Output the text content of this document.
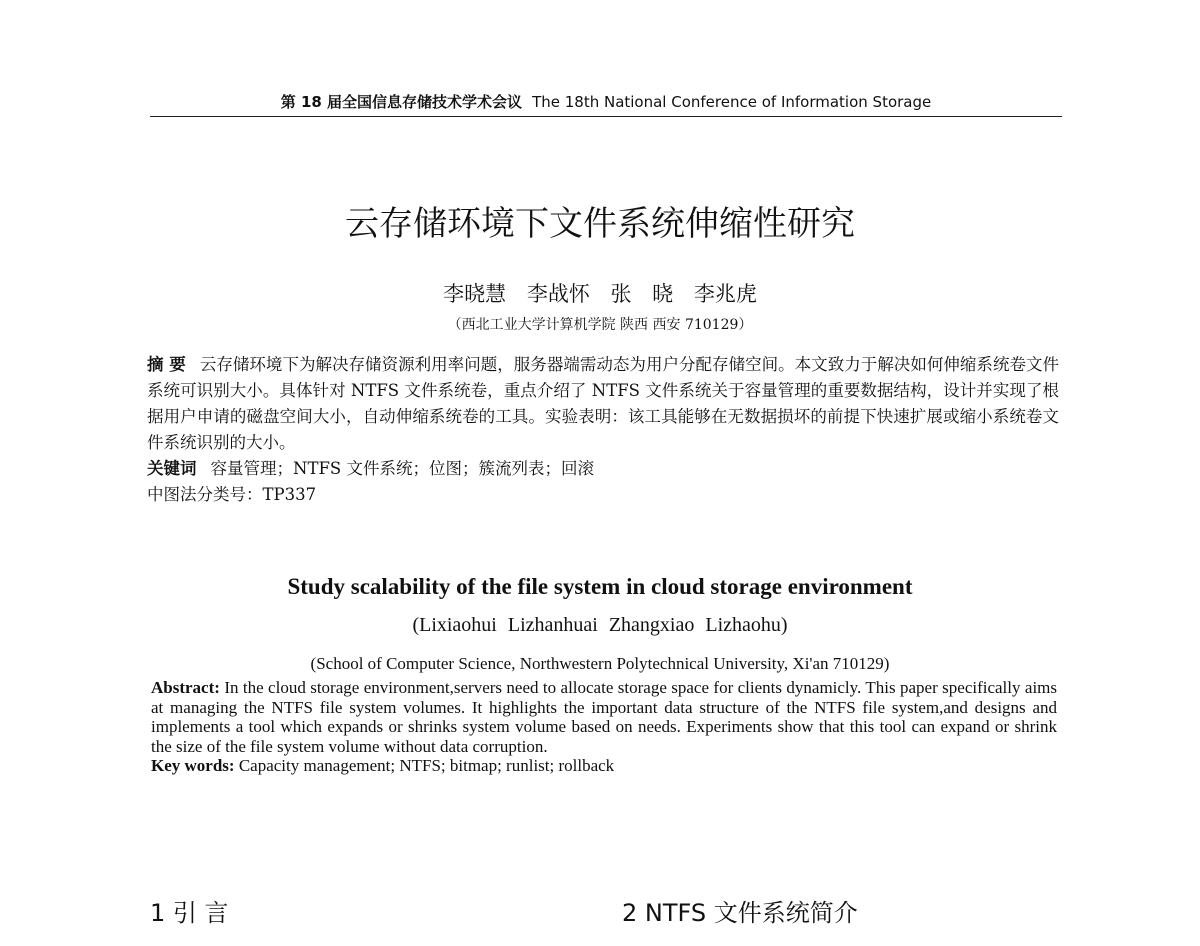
第 18 届全国信息存储技术学术会议 The 18th National Conference of Information Storage
云存储环境下文件系统伸缩性研究
李晓慧 李战怀 张 晓 李兆虎
（西北工业大学计算机学院 陕西 西安 710129）

摘 要 云存储环境下为解决存储资源利用率问题，服务器端需动态为用户分配存储空间。本文致力于解决如何伸缩系统卷文件系统可识别大小。具体针对 NTFS 文件系统卷，重点介绍了 NTFS 文件系统关于容量管理的重要数据结构，设计并实现了根据用户申请的磁盘空间大小，自动伸缩系统卷的工具。实验表明：该工具能够在无数据损坏的前提下快速扩展或缩小系统卷文件系统识别的大小。

关键词 容量管理；NTFS 文件系统；位图；簇流列表；回滚

中图法分类号：TP337

Study scalability of the file system in cloud storage environment
(Lixiaohui Lizhanhuai Zhangxiao Lizhaohu)
(School of Computer Science, Northwestern Polytechnical University, Xi'an 710129)

Abstract: In the cloud storage environment,servers need to allocate storage space for clients dynamicly. This paper specifically aims at managing the NTFS file system volumes. It highlights the important data structure of the NTFS file system,and designs and implements a tool which expands or shrinks system volume based on needs. Experiments show that this tool can expand or shrink the size of the file system volume without data corruption.

Key words: Capacity management; NTFS; bitmap; runlist; rollback

1 引 言	2 NTFS 文件系统简介
